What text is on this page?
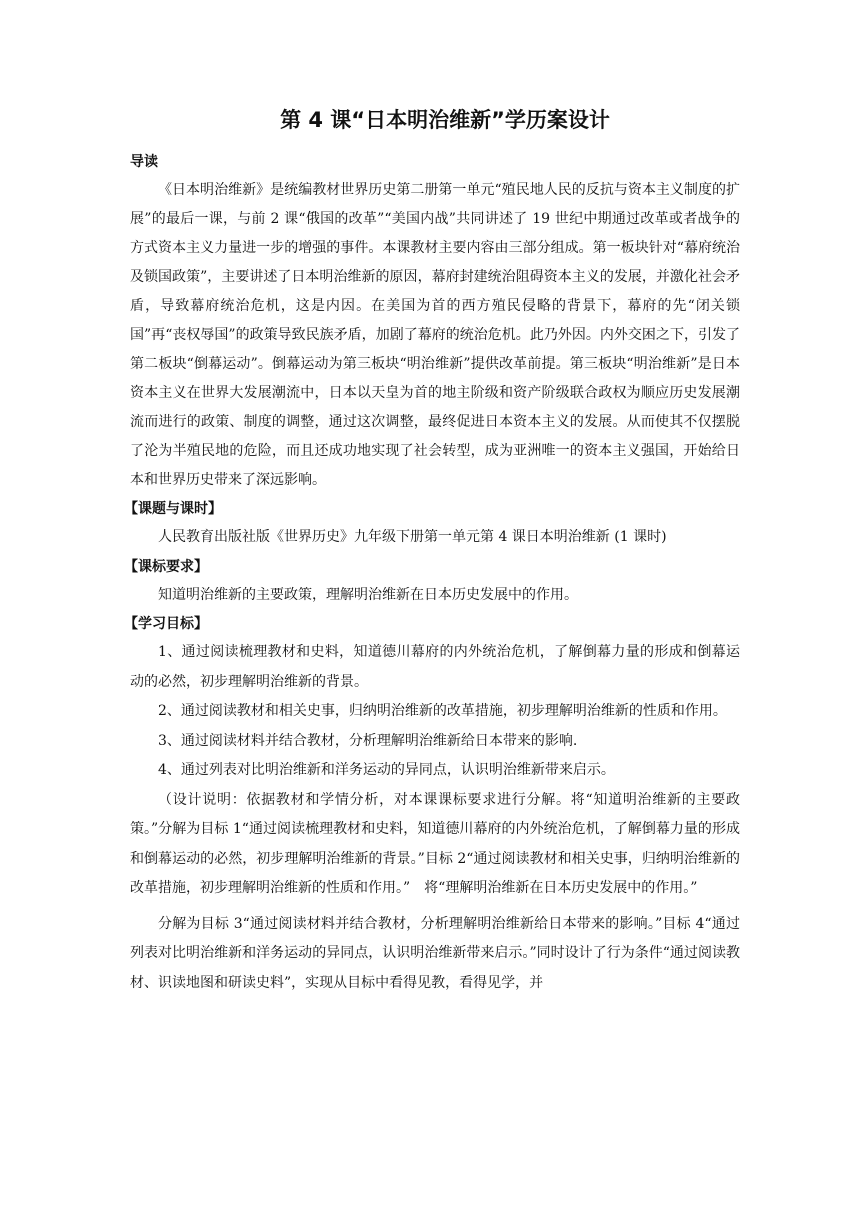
第 4 课“日本明治维新”学历案设计
导读

《日本明治维新》是统编教材世界历史第二册第一单元“殖民地人民的反抗与资本主义制度的扩展”的最后一课，与前 2 课“俄国的改革”“美国内战”共同讲述了 19 世纪中期通过改革或者战争的方式资本主义力量进一步的增强的事件。本课教材主要内容由三部分组成。第一板块针对“幕府统治及锁国政策”，主要讲述了日本明治维新的原因，幕府封建统治阻碍资本主义的发展，并激化社会矛盾，导致幕府统治危机，这是内因。在美国为首的西方殖民侵略的背景下，幕府的先“闭关锁国”再“丧权辱国”的政策导致民族矛盾，加剧了幕府的统治危机。此乃外因。内外交困之下，引发了第二板块“倒幕运动”。倒幕运动为第三板块“明治维新”提供改革前提。第三板块“明治维新”是日本资本主义在世界大发展潮流中，日本以天皇为首的地主阶级和资产阶级联合政权为顺应历史发展潮流而进行的政策、制度的调整，通过这次调整，最终促进日本资本主义的发展。从而使其不仅摆脱了沦为半殖民地的危险，而且还成功地实现了社会转型，成为亚洲唯一的资本主义强国，开始给日本和世界历史带来了深远影响。

【课题与课时】

人民教育出版社版《世界历史》九年级下册第一单元第 4 课日本明治维新 (1 课时)

【课标要求】

知道明治维新的主要政策，理解明治维新在日本历史发展中的作用。

【学习目标】

1、通过阅读梳理教材和史料，知道德川幕府的内外统治危机，了解倒幕力量的形成和倒幕运动的必然，初步理解明治维新的背景。

2、通过阅读教材和相关史事，归纳明治维新的改革措施，初步理解明治维新的性质和作用。

3、通过阅读材料并结合教材，分析理解明治维新给日本带来的影响.

4、通过列表对比明治维新和洋务运动的异同点，认识明治维新带来启示。

（设计说明：依据教材和学情分析，对本课课标要求进行分解。将“知道明治维新的主要政策。”分解为目标 1“通过阅读梳理教材和史料，知道德川幕府的内外统治危机，了解倒幕力量的形成和倒幕运动的必然，初步理解明治维新的背景。”目标 2“通过阅读教材和相关史事，归纳明治维新的改革措施，初步理解明治维新的性质和作用。”　将“理解明治维新在日本历史发展中的作用。”

分解为目标 3“通过阅读材料并结合教材，分析理解明治维新给日本带来的影响。”目标 4“通过列表对比明治维新和洋务运动的异同点，认识明治维新带来启示。”同时设计了行为条件“通过阅读教材、识读地图和研读史料”，实现从目标中看得见教，看得见学，并
